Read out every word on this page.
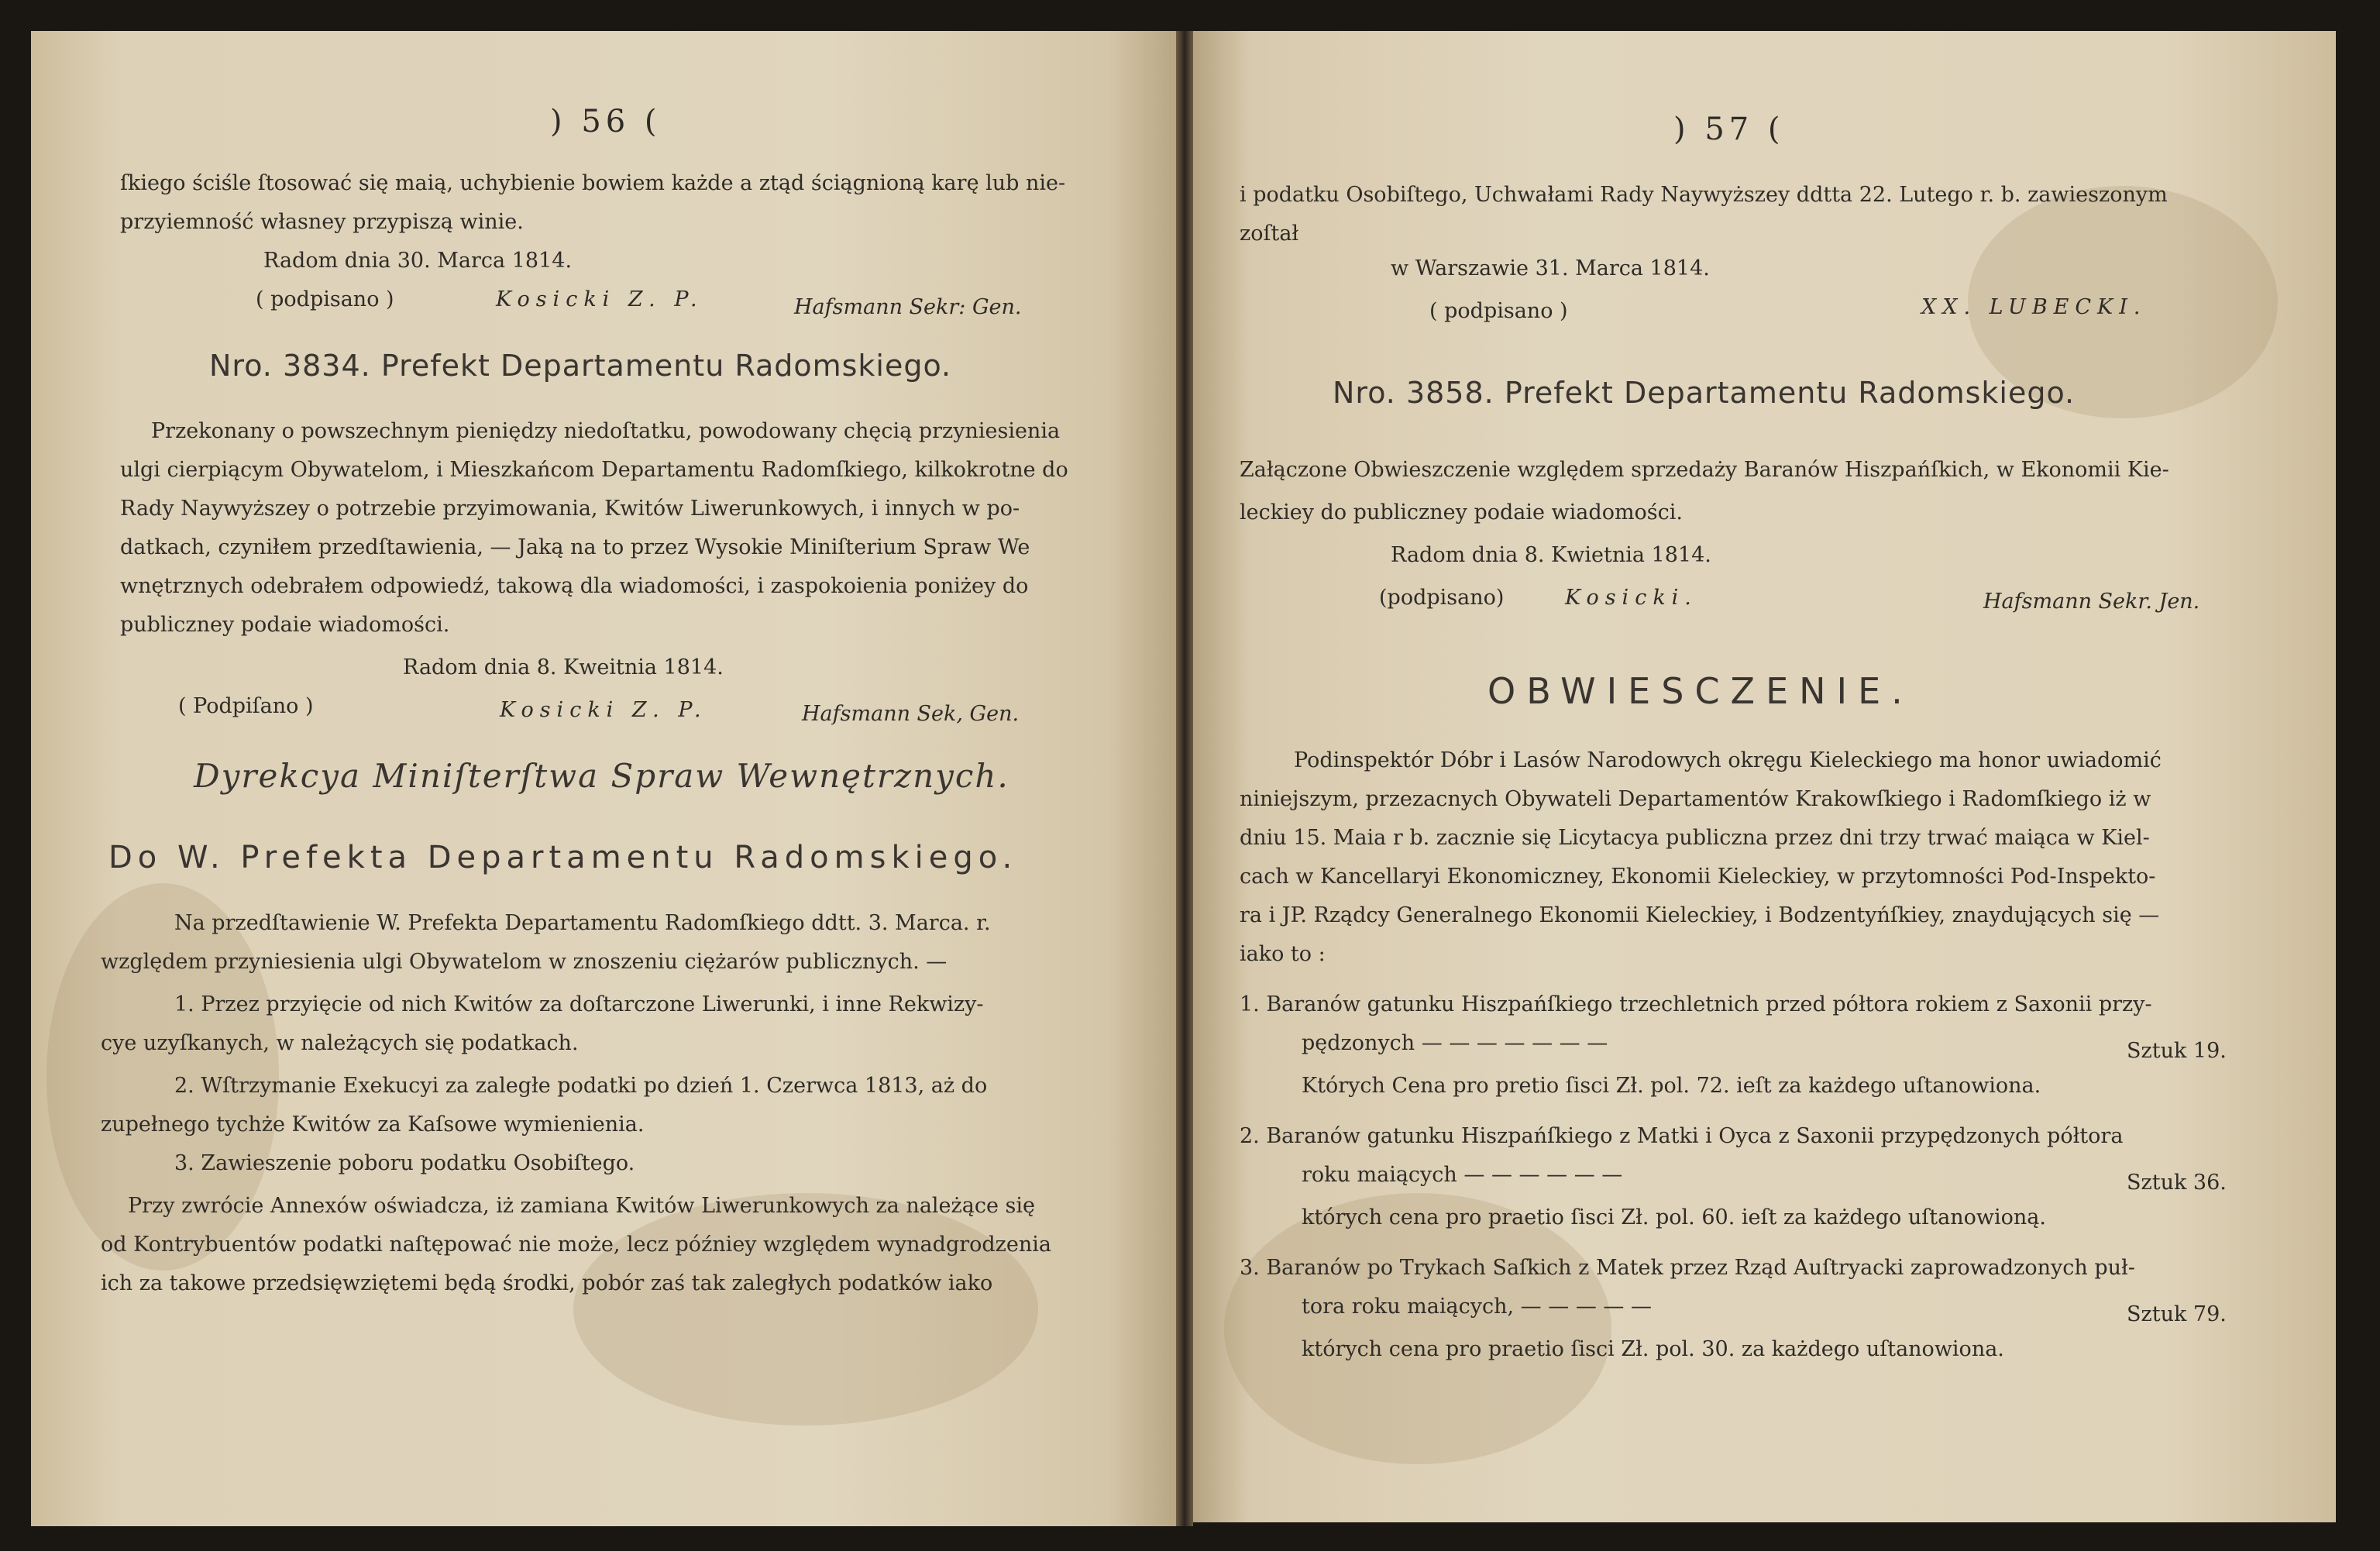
) 56 (
ſkiego ściśle ſtosować się maią, uchybienie bowiem każde a ztąd ściągnioną karę lub nie-
przyiemność własney przypiszą winie.
Radom dnia 30. Marca 1814.
( podpisano )	Kosicki Z. P.	Hafsmann Sekr: Gen.
Nro. 3834. Prefekt Departamentu Radomskiego.
Przekonany o powszechnym pieniędzy niedoſtatku, powodowany chęcią przyniesienia
ulgi cierpiącym Obywatelom, i Mieszkańcom Departamentu Radomſkiego, kilkokrotne do
Rady Naywyższey o potrzebie przyimowania, Kwitów Liwerunkowych, i innych w po-
datkach, czyniłem przedſtawienia, — Jaką na to przez Wysokie Miniſterium Spraw We
wnętrznych odebrałem odpowiedź, takową dla wiadomości, i zaspokoienia poniżey do
publiczney podaie wiadomości.
Radom dnia 8. Kweitnia 1814.
( Podpiſano )	Kosicki Z. P.	Hafsmann Sek, Gen.
Dyrekcya Miniſterſtwa Spraw Wewnętrznych.
Do W. Prefekta Departamentu Radomskiego.
Na przedſtawienie W. Prefekta Departamentu Radomſkiego ddtt. 3. Marca. r.
względem przyniesienia ulgi Obywatelom w znoszeniu ciężarów publicznych. —
1. Przez przyięcie od nich Kwitów za doſtarczone Liwerunki, i inne Rekwizy-
cye uzyſkanych, w należących się podatkach.
2. Wſtrzymanie Exekucyi za zaległe podatki po dzień 1. Czerwca 1813, aż do
zupełnego tychże Kwitów za Kaſsowe wymienienia.
3. Zawieszenie poboru podatku Osobiſtego.
Przy zwrócie Annexów oświadcza, iż zamiana Kwitów Liwerunkowych za należące się
od Kontrybuentów podatki naſtępować nie może, lecz późniey względem wynadgrodzenia
ich za takowe przedsięwziętemi będą środki, pobór zaś tak zaległych podatków iako
) 57 (
i podatku Osobiſtego, Uchwałami Rady Naywyższey ddtta 22. Lutego r. b. zawieszonym
zoſtał
w Warszawie 31. Marca 1814.
( podpisano )	XX. LUBECKI.
Nro. 3858. Prefekt Departamentu Radomskiego.
Załączone Obwieszczenie względem sprzedaży Baranów Hiszpańſkich, w Ekonomii Kie-
leckiey do publiczney podaie wiadomości.
Radom dnia 8. Kwietnia 1814.
(podpisano)	Kosicki.	Hafsmann Sekr. Jen.
OBWIESCZENIE.
Podinspektór Dóbr i Lasów Narodowych okręgu Kieleckiego ma honor uwiadomić
niniejszym, przezacnych Obywateli Departamentów Krakowſkiego i Radomſkiego iż w
dniu 15. Maia r b. zacznie się Licytacya publiczna przez dni trzy trwać maiąca w Kiel-
cach w Kancellaryi Ekonomiczney, Ekonomii Kieleckiey, w przytomności Pod-Inspekto-
ra i JP. Rządcy Generalnego Ekonomii Kieleckiey, i Bodzentyńſkiey, znaydujących się —
iako to :
1. Baranów gatunku Hiszpańſkiego trzechletnich przed półtora rokiem z Saxonii przy-
pędzonych — — — — — — —	Sztuk 19.
Których Cena pro pretio ſisci Zł. pol. 72. ieſt za każdego uſtanowiona.
2. Baranów gatunku Hiszpańſkiego z Matki i Oyca z Saxonii przypędzonych półtora
roku maiących — — — — — —	Sztuk 36.
których cena pro praetio ſisci Zł. pol. 60. ieſt za każdego uſtanowioną.
3. Baranów po Trykach Saſkich z Matek przez Rząd Auſtryacki zaprowadzonych puł-
tora roku maiących, — — — — —	Sztuk 79.
których cena pro praetio ſisci Zł. pol. 30. za każdego uſtanowiona.
